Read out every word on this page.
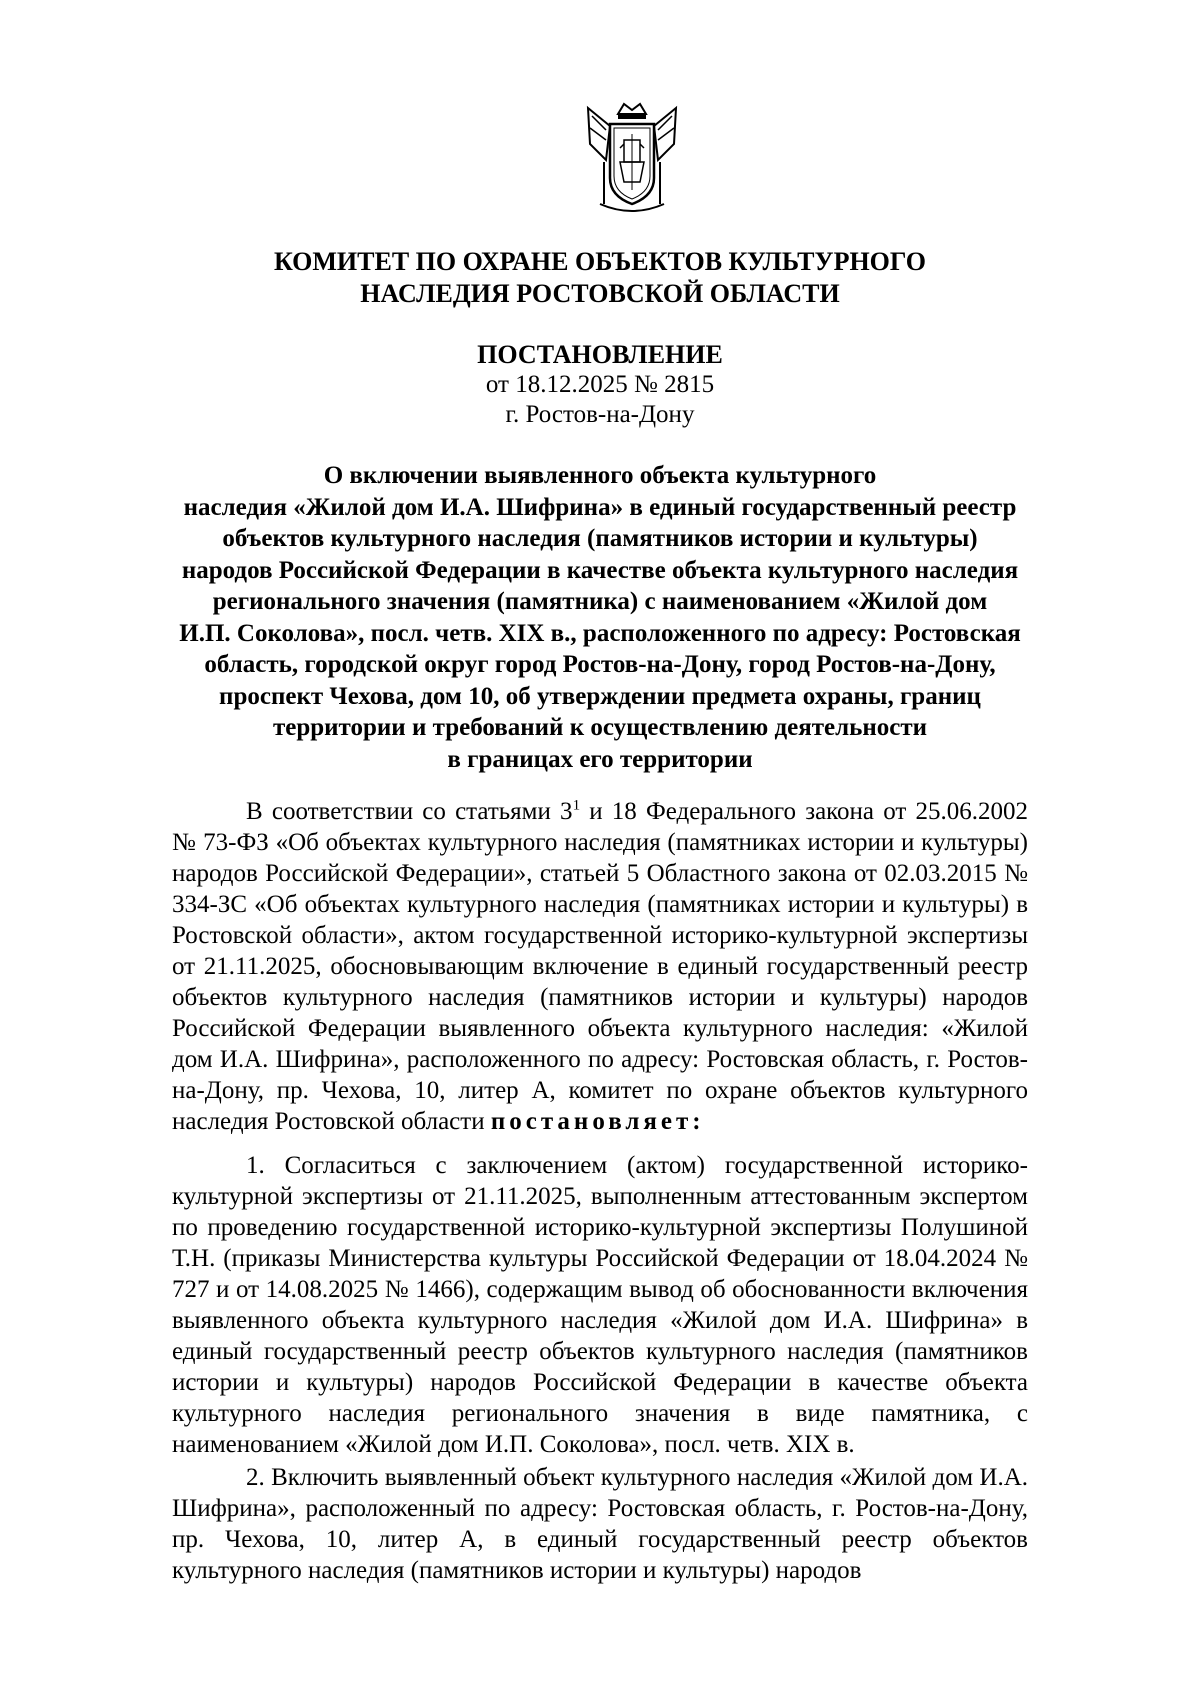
КОМИТЕТ ПО ОХРАНЕ ОБЪЕКТОВ КУЛЬТУРНОГО
НАСЛЕДИЯ РОСТОВСКОЙ ОБЛАСТИ
ПОСТАНОВЛЕНИЕ
от 18.12.2025 № 2815
г. Ростов-на-Дону
О включении выявленного объекта культурного
наследия «Жилой дом И.А. Шифрина» в единый государственный реестр
объектов культурного наследия (памятников истории и культуры)
народов Российской Федерации в качестве объекта культурного наследия
регионального значения (памятника) с наименованием «Жилой дом
И.П. Соколова», посл. четв. XIX в., расположенного по адресу: Ростовская
область, городской округ город Ростов-на-Дону, город Ростов-на-Дону,
проспект Чехова, дом 10, об утверждении предмета охраны, границ
территории и требований к осуществлению деятельности
в границах его территории

В соответствии со статьями $3^1$ и 18 Федерального закона от 25.06.2002 № 73-ФЗ «Об объектах культурного наследия (памятниках истории и культуры) народов Российской Федерации», статьей 5 Областного закона от 02.03.2015 № 334-ЗС «Об объектах культурного наследия (памятниках истории и культуры) в Ростовской области», актом государственной историко-культурной экспертизы от 21.11.2025, обосновывающим включение в единый государственный реестр объектов культурного наследия (памятников истории и культуры) народов Российской Федерации выявленного объекта культурного наследия: «Жилой дом И.А. Шифрина», расположенного по адресу: Ростовская область, г. Ростов-на-Дону, пр. Чехова, 10, литер А, комитет по охране объектов культурного наследия Ростовской области постановляет:

1. Согласиться с заключением (актом) государственной историко-культурной экспертизы от 21.11.2025, выполненным аттестованным экспертом по проведению государственной историко-культурной экспертизы Полушиной Т.Н. (приказы Министерства культуры Российской Федерации от 18.04.2024 № 727 и от 14.08.2025 № 1466), содержащим вывод об обоснованности включения выявленного объекта культурного наследия «Жилой дом И.А. Шифрина» в единый государственный реестр объектов культурного наследия (памятников истории и культуры) народов Российской Федерации в качестве объекта культурного наследия регионального значения в виде памятника, с наименованием «Жилой дом И.П. Соколова», посл. четв. XIX в.

2. Включить выявленный объект культурного наследия «Жилой дом И.А. Шифрина», расположенный по адресу: Ростовская область, г. Ростов-на-Дону, пр. Чехова, 10, литер А, в единый государственный реестр объектов культурного наследия (памятников истории и культуры) народов
